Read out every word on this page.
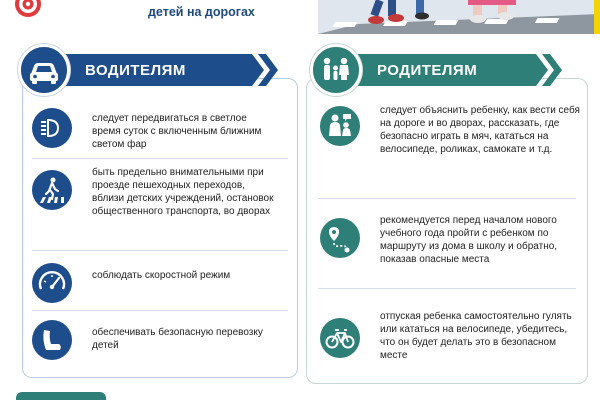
детей на дорогах
ВОДИТЕЛЯМ
следует передвигаться в светлое время суток с включенным ближним светом фар
быть предельно внимательными при проезде пешеходных переходов, вблизи детских учреждений, остановок общественного транспорта, во дворах
соблюдать скоростной режим
обеспечивать безопасную перевозку детей
РОДИТЕЛЯМ
следует объяснить ребенку, как вести себя на дороге и во дворах, рассказать, где безопасно играть в мяч, кататься на велосипеде, роликах, самокате и т.д.
рекомендуется перед началом нового учебного года пройти с ребенком по маршруту из дома в школу и обратно, показав опасные места
отпуская ребенка самостоятельно гулять или кататься на велосипеде, убедитесь, что он будет делать это в безопасном месте
